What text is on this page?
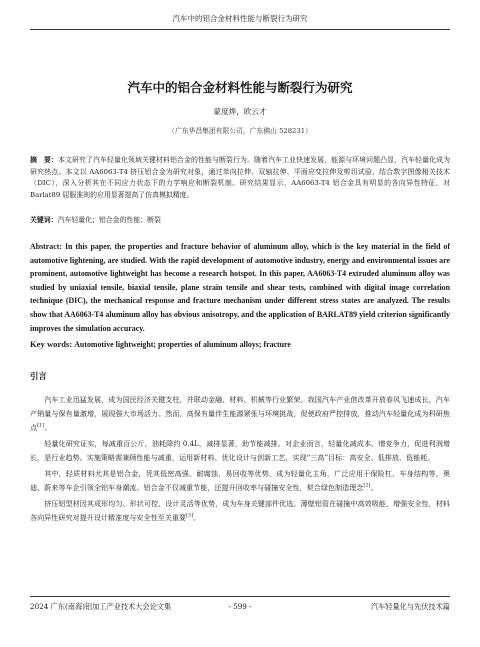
汽车中的铝合金材料性能与断裂行为研究
汽车中的铝合金材料性能与断裂行为研究
蒙度烨，欧云才
（广东华昌集团有限公司，广东佛山 528231）
摘　要：本文研究了汽车轻量化领域关键材料铝合金的性能与断裂行为。随着汽车工业快速发展，能源与环境问题凸显，汽车轻量化成为研究热点。本文以 AA6063-T4 挤压铝合金为研究对象，通过单向拉伸、双轴拉伸、平面应变拉伸及剪切试验，结合数字图像相关技术（DIC），深入分析其在不同应力状态下的力学响应和断裂机制。研究结果显示，AA6063-T4 铝合金具有明显的各向异性特征，对 Barlat89 屈服准则的应用显著提高了仿真模拟精度。
关键词：汽车轻量化；铝合金的性能；断裂
Abstract: In this paper, the properties and fracture behavior of aluminum alloy, which is the key material in the field of automotive lightening, are studied. With the rapid development of automotive industry, energy and environmental issues are prominent, automotive lightweight has become a research hotspot. In this paper, AA6063-T4 extruded aluminum alloy was studied by uniaxial tensile, biaxial tensile, plane strain tensile and shear tests, combined with digital image correlation technique (DIC), the mechanical response and fracture mechanism under different stress states are analyzed. The results show that AA6063-T4 aluminum alloy has obvious anisotropy, and the application of BARLAT89 yield criterion significantly improves the simulation accuracy.
Key words: Automotive lightweight; properties of aluminum alloys; fracture
引言

汽车工业迅猛发展，成为国民经济关键支柱，并联动金融、材料、机械等行业繁荣。我国汽车产业借改革开放春风飞速成长，汽车产销量与保有量激增，展现强大市场活力。然而，高保有量伴生能源紧张与环境挑战，促使政府严控排放，推动汽车轻量化成为科研焦点[1]。

轻量化研究证实，每减重百公斤，油耗降约 0.4L，减排显著，助节能减排。对企业而言，轻量化减成本、增竞争力，促进利润增长，是行业趋势。实施策略需兼顾性能与减重，运用新材料、优化设计与创新工艺，实现“三高”目标：高安全、低排放、低能耗。

其中，轻质材料尤其是铝合金，凭其低密高强、耐腐蚀、易回收等优势，成为轻量化主角，广泛应用于保险杠、车身结构等，奥迪、蔚来等车企引领全铝车身潮流。铝合金不仅减重节能，还提升回收率与碰撞安全性，契合绿色制造理念[2]。

挤压铝型材因其成形均匀、形状可控、设计灵活等优势，成为车身关键部件优选。薄壁铝管在碰撞中高效吸能，增强安全性，材料各向异性研究对提升设计精准度与安全性至关重要[3]。

2024 广东(南海)铝加工产业技术大会论文集	- 599 -	汽车轻量化与先伏技术篇
